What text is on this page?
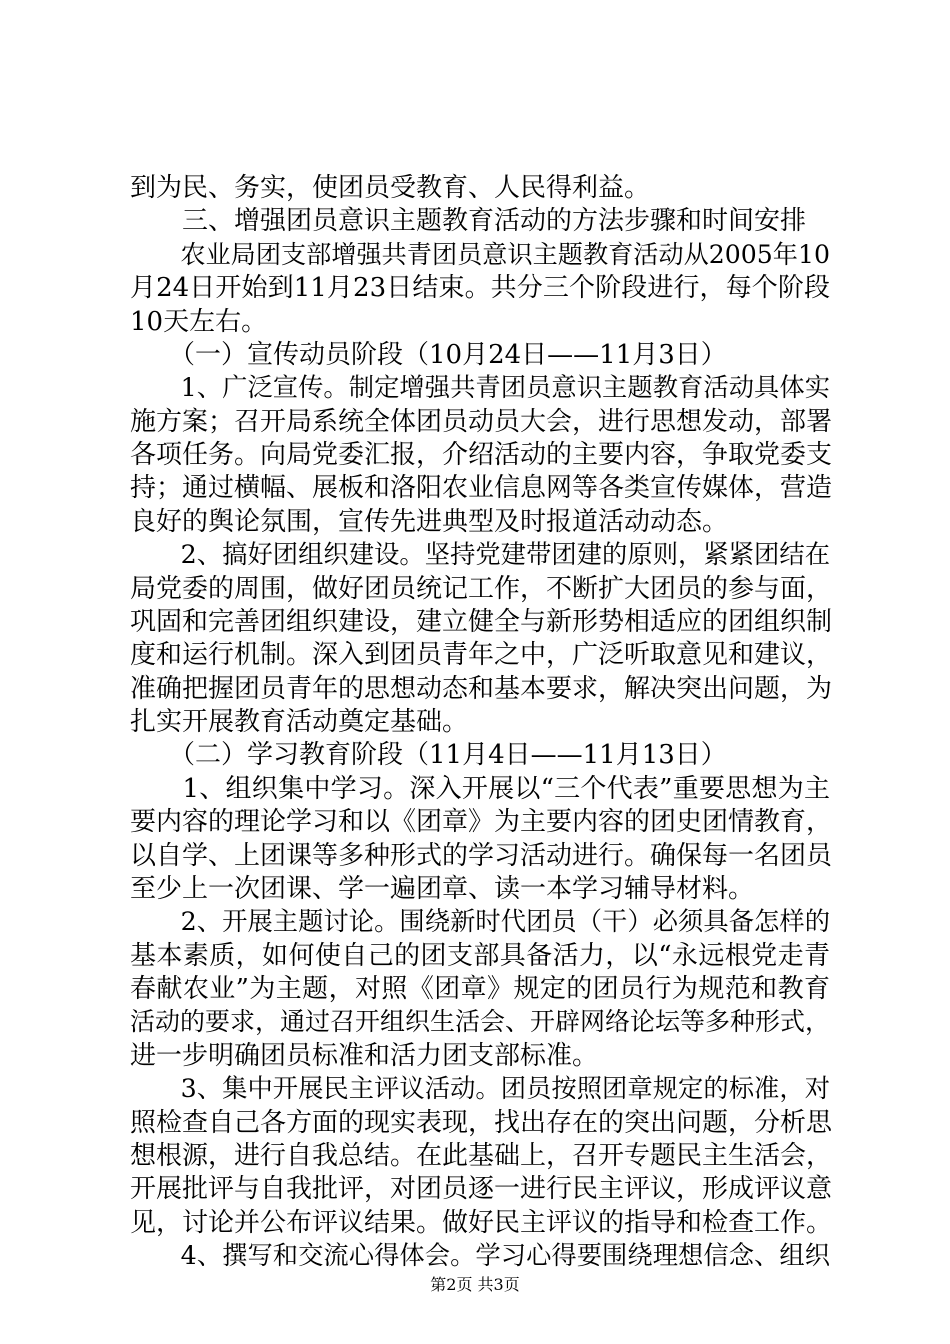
到为民、务实，使团员受教育、人民得利益。
　　三、增强团员意识主题教育活动的方法步骤和时间安排
　　农业局团支部增强共青团员意识主题教育活动从2005年10
月24日开始到11月23日结束。共分三个阶段进行，每个阶段
10天左右。
　　（一）宣传动员阶段（10月24日——11月3日）
　　1、广泛宣传。制定增强共青团员意识主题教育活动具体实
施方案；召开局系统全体团员动员大会，进行思想发动，部署
各项任务。向局党委汇报，介绍活动的主要内容，争取党委支
持；通过横幅、展板和洛阳农业信息网等各类宣传媒体，营造
良好的舆论氛围，宣传先进典型及时报道活动动态。
　　2、搞好团组织建设。坚持党建带团建的原则，紧紧团结在
局党委的周围，做好团员统记工作，不断扩大团员的参与面，
巩固和完善团组织建设，建立健全与新形势相适应的团组织制
度和运行机制。深入到团员青年之中，广泛听取意见和建议，
准确把握团员青年的思想动态和基本要求，解决突出问题，为
扎实开展教育活动奠定基础。
　　（二）学习教育阶段（11月4日——11月13日）
　　1、组织集中学习。深入开展以“三个代表”重要思想为主
要内容的理论学习和以《团章》为主要内容的团史团情教育，
以自学、上团课等多种形式的学习活动进行。确保每一名团员
至少上一次团课、学一遍团章、读一本学习辅导材料。
　　2、开展主题讨论。围绕新时代团员（干）必须具备怎样的
基本素质，如何使自己的团支部具备活力，以“永远根党走青
春献农业”为主题，对照《团章》规定的团员行为规范和教育
活动的要求，通过召开组织生活会、开辟网络论坛等多种形式，
进一步明确团员标准和活力团支部标准。
　　3、集中开展民主评议活动。团员按照团章规定的标准，对
照检查自己各方面的现实表现，找出存在的突出问题，分析思
想根源，进行自我总结。在此基础上，召开专题民主生活会，
开展批评与自我批评，对团员逐一进行民主评议，形成评议意
见，讨论并公布评议结果。做好民主评议的指导和检查工作。
　　4、撰写和交流心得体会。学习心得要围绕理想信念、组织
第2页 共3页
